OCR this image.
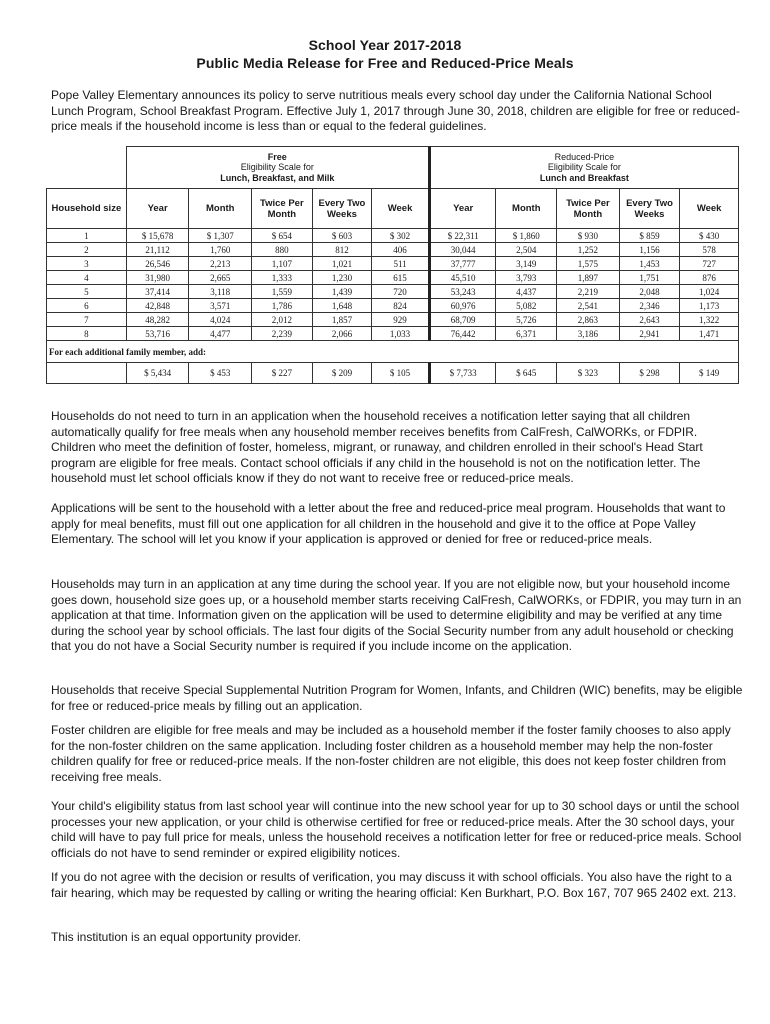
School Year 2017-2018
Public Media Release for Free and Reduced-Price Meals
Pope Valley Elementary announces its policy to serve nutritious meals every school day under the California National School Lunch Program, School Breakfast Program. Effective July 1, 2017 through June 30, 2018, children are eligible for free or reduced-price meals if the household income is less than or equal to the federal guidelines.
	Free
Eligibility Scale for
Lunch, Breakfast, and Milk					Reduced-Price
Eligibility Scale for
Lunch and Breakfast				
Household size	Year	Month	Twice Per Month	Every Two Weeks	Week	Year	Month	Twice Per Month	Every Two Weeks	Week
1	$ 15,678	$ 1,307	$ 654	$ 603	$ 302	$ 22,311	$ 1,860	$ 930	$ 859	$ 430
2	21,112	1,760	880	812	406	30,044	2,504	1,252	1,156	578
3	26,546	2,213	1,107	1,021	511	37,777	3,149	1,575	1,453	727
4	31,980	2,665	1,333	1,230	615	45,510	3,793	1,897	1,751	876
5	37,414	3,118	1,559	1,439	720	53,243	4,437	2,219	2,048	1,024
6	42,848	3,571	1,786	1,648	824	60,976	5,082	2,541	2,346	1,173
7	48,282	4,024	2,012	1,857	929	68,709	5,726	2,863	2,643	1,322
8	53,716	4,477	2,239	2,066	1,033	76,442	6,371	3,186	2,941	1,471
For each additional family member, add:										
	$ 5,434	$ 453	$ 227	$ 209	$ 105	$ 7,733	$ 645	$ 323	$ 298	$ 149

Households do not need to turn in an application when the household receives a notification letter saying that all children automatically qualify for free meals when any household member receives benefits from CalFresh, CalWORKs, or FDPIR. Children who meet the definition of foster, homeless, migrant, or runaway, and children enrolled in their school's Head Start program are eligible for free meals. Contact school officials if any child in the household is not on the notification letter. The household must let school officials know if they do not want to receive free or reduced-price meals.

Applications will be sent to the household with a letter about the free and reduced-price meal program. Households that want to apply for meal benefits, must fill out one application for all children in the household and give it to the office at Pope Valley Elementary. The school will let you know if your application is approved or denied for free or reduced-price meals.

Households may turn in an application at any time during the school year. If you are not eligible now, but your household income goes down, household size goes up, or a household member starts receiving CalFresh, CalWORKs, or FDPIR, you may turn in an application at that time. Information given on the application will be used to determine eligibility and may be verified at any time during the school year by school officials. The last four digits of the Social Security number from any adult household or checking that you do not have a Social Security number is required if you include income on the application.

Households that receive Special Supplemental Nutrition Program for Women, Infants, and Children (WIC) benefits, may be eligible for free or reduced-price meals by filling out an application.

Foster children are eligible for free meals and may be included as a household member if the foster family chooses to also apply for the non-foster children on the same application. Including foster children as a household member may help the non-foster children qualify for free or reduced-price meals. If the non-foster children are not eligible, this does not keep foster children from receiving free meals.

Your child's eligibility status from last school year will continue into the new school year for up to 30 school days or until the school processes your new application, or your child is otherwise certified for free or reduced-price meals. After the 30 school days, your child will have to pay full price for meals, unless the household receives a notification letter for free or reduced-price meals. School officials do not have to send reminder or expired eligibility notices.

If you do not agree with the decision or results of verification, you may discuss it with school officials. You also have the right to a fair hearing, which may be requested by calling or writing the hearing official: Ken Burkhart, P.O. Box 167, 707 965 2402 ext. 213.

This institution is an equal opportunity provider.
